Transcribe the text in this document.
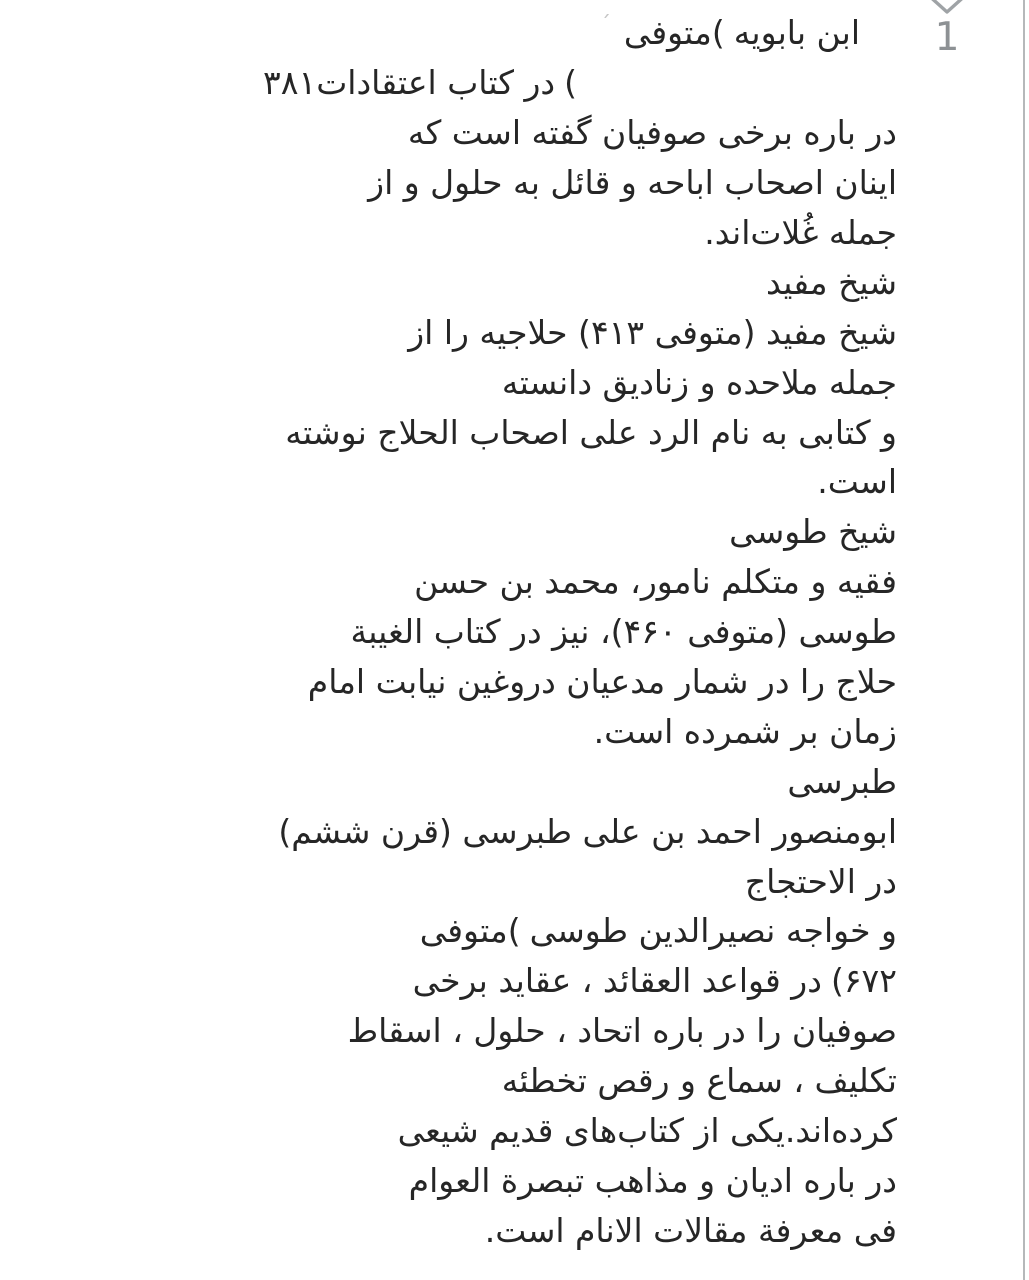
1
ˊ متوفی ( ابن بابویه
۳۸۱ در کتاب اعتقادات (
در باره برخی صوفیان گفته است که
اینان اصحاب اباحه و قائل به حلول و از
جمله غُلات‌اند.
شیخ مفید
شیخ مفید (متوفی ۴۱۳) حلاجیه را از
جمله ملاحده و زنادیق دانسته
و کتابی به نام الرد علی اصحاب الحلاج نوشته
است.
شیخ طوسی
فقیه و متکلم نامور، محمد بن حسن
طوسی (متوفی ۴۶۰)، نیز در کتاب الغیبة
حلاج را در شمار مدعیان دروغین نیابت امام
زمان بر شمرده است.
طبرسی
ابومنصور احمد بن علی طبرسی (قرن ششم)
در الاحتجاج
متوفی ( و خواجه نصیرالدین طوسی
در قواعد العقائد ، عقاید برخی ( ۶۷۲
صوفیان را در باره اتحاد ، حلول ، اسقاط
تکلیف ، سماع و رقص تخطئه
کرده‌اند.یکی از کتاب‌های قدیم شیعی
در باره ادیان و مذاهب تبصرة العوام
فی معرفة مقالات الانام است.
